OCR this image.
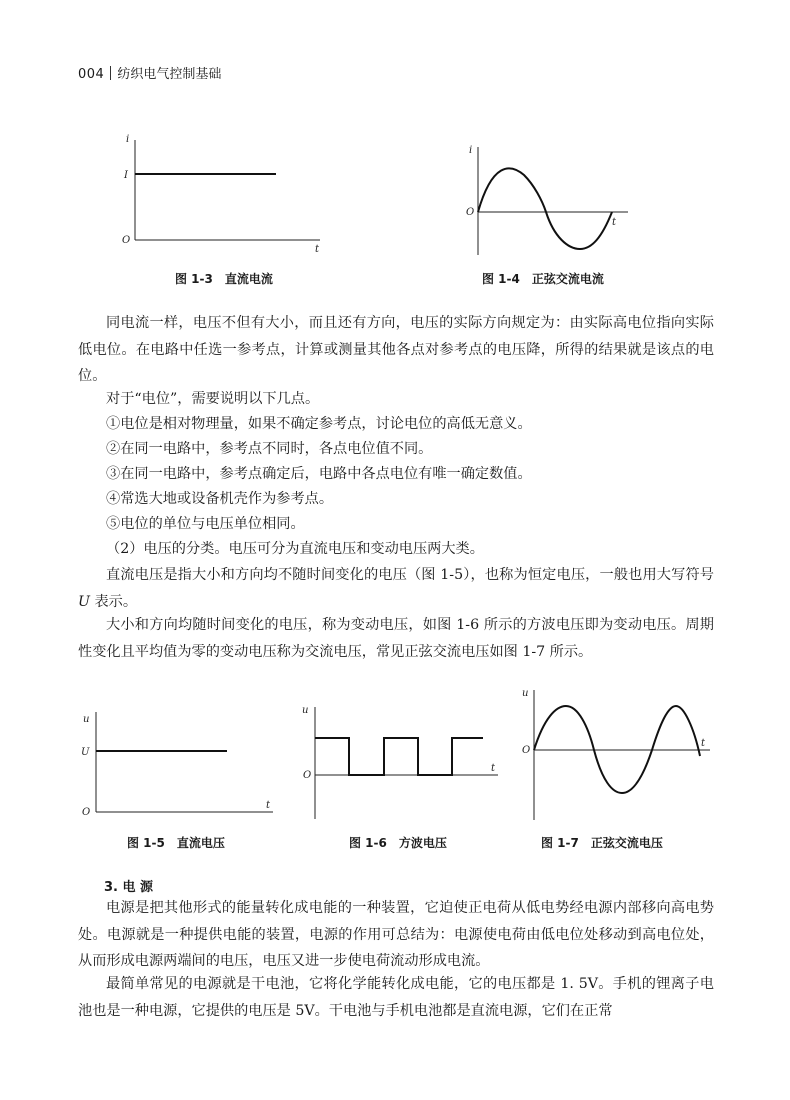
004 纺织电气控制基础
i
I
O
t
图 1-3　直流电流
i
O
t
图 1-4　正弦交流电流

同电流一样，电压不但有大小，而且还有方向，电压的实际方向规定为：由实际高电位指向实际低电位。在电路中任选一参考点，计算或测量其他各点对参考点的电压降，所得的结果就是该点的电位。

对于“电位”，需要说明以下几点。
①电位是相对物理量，如果不确定参考点，讨论电位的高低无意义。
②在同一电路中，参考点不同时，各点电位值不同。
③在同一电路中，参考点确定后，电路中各点电位有唯一确定数值。
④常选大地或设备机壳作为参考点。
⑤电位的单位与电压单位相同。
（2）电压的分类。电压可分为直流电压和变动电压两大类。

直流电压是指大小和方向均不随时间变化的电压（图 1-5），也称为恒定电压，一般也用大写符号 U 表示。

大小和方向均随时间变化的电压，称为变动电压，如图 1-6 所示的方波电压即为变动电压。周期性变化且平均值为零的变动电压称为交流电压，常见正弦交流电压如图 1-7 所示。

u
U
O
t
图 1-5　直流电压
u
O
t
图 1-6　方波电压
u
O
t
图 1-7　正弦交流电压
3. 电 源

电源是把其他形式的能量转化成电能的一种装置，它迫使正电荷从低电势经电源内部移向高电势处。电源就是一种提供电能的装置，电源的作用可总结为：电源使电荷由低电位处移动到高电位处，从而形成电源两端间的电压，电压又进一步使电荷流动形成电流。

最简单常见的电源就是干电池，它将化学能转化成电能，它的电压都是 1. 5V。手机的锂离子电池也是一种电源，它提供的电压是 5V。干电池与手机电池都是直流电源，它们在正常
